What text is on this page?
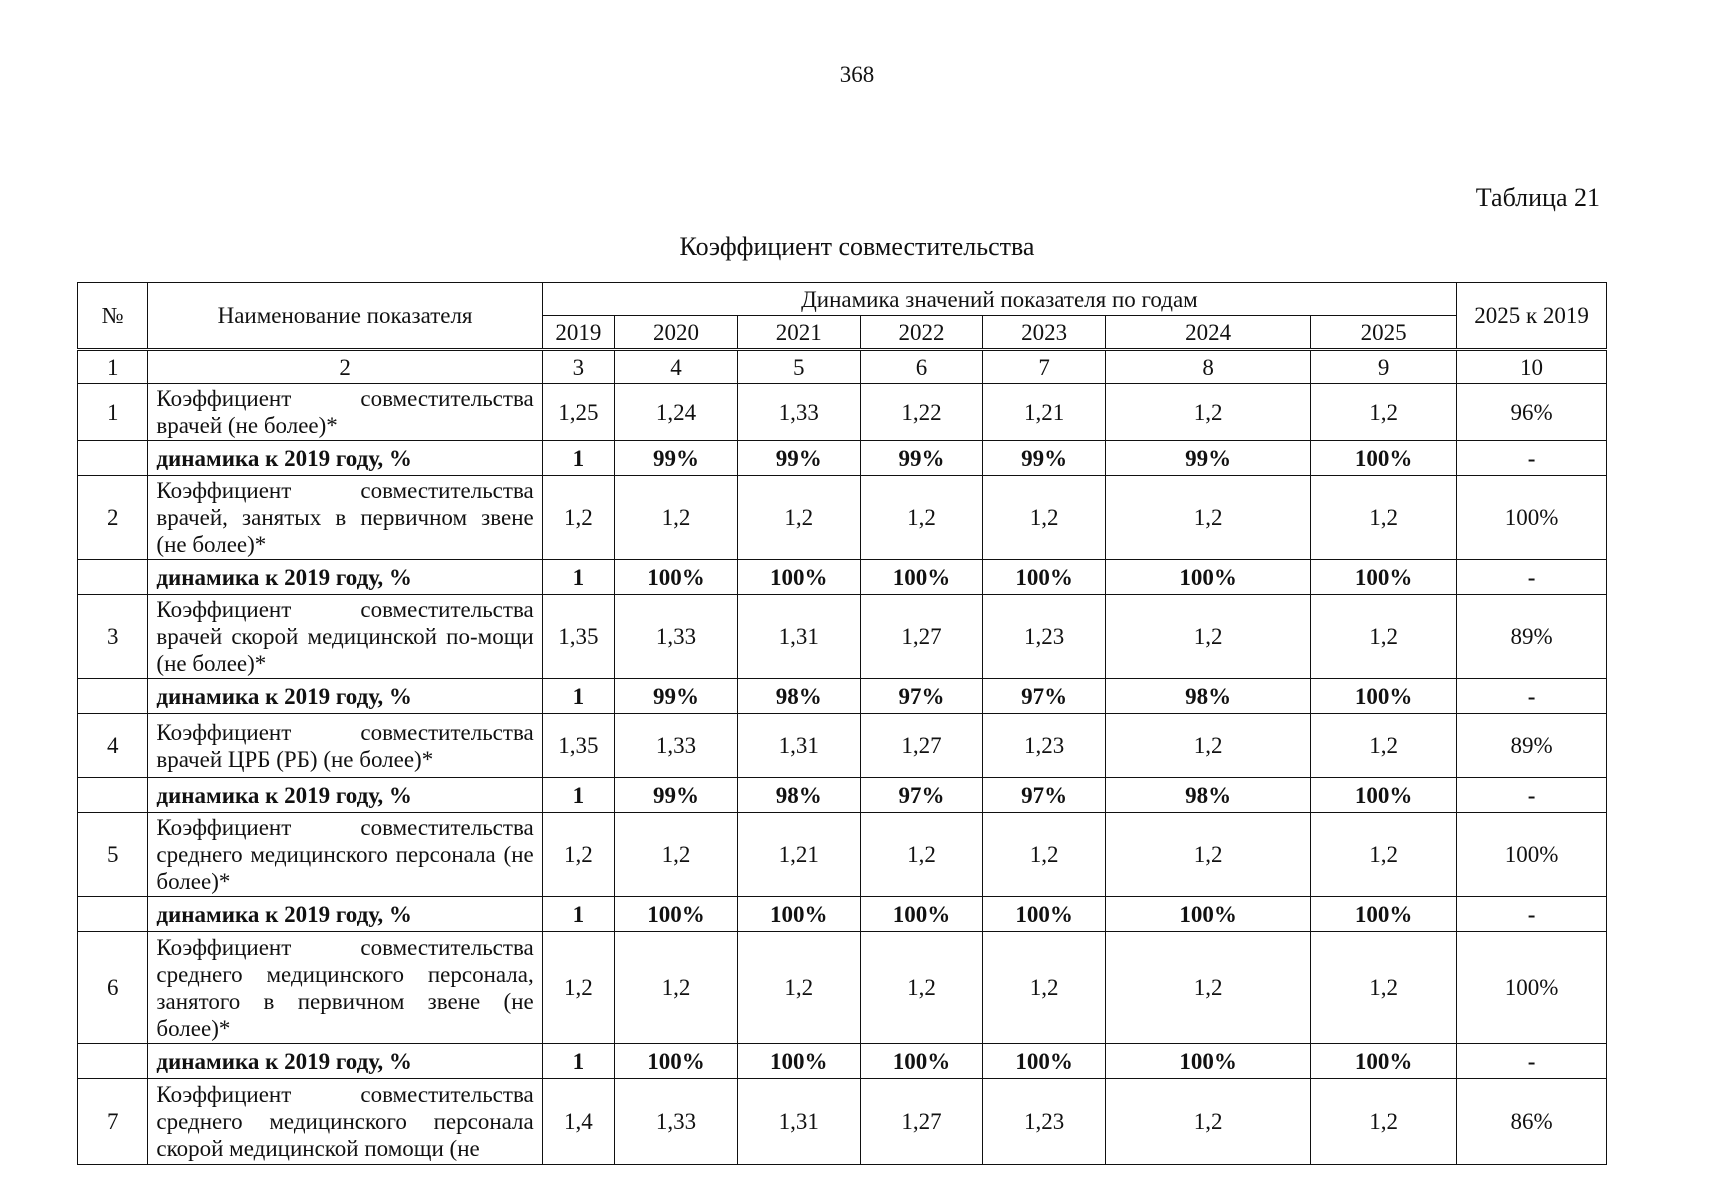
368
Таблица 21
Коэффициент совместительства
№	Наименование показателя	Динамика значений показателя по годам							2025 к 2019
		2019	2020	2021	2022	2023	2024	2025	
1	2	3	4	5	6	7	8	9	10
1	Коэффициент совместительства врачей (не более)*	1,25	1,24	1,33	1,22	1,21	1,2	1,2	96%
	динамика к 2019 году, %	1	99%	99%	99%	99%	99%	100%	-
2	Коэффициент совместительства врачей, занятых в первичном звене (не более)*	1,2	1,2	1,2	1,2	1,2	1,2	1,2	100%
	динамика к 2019 году, %	1	100%	100%	100%	100%	100%	100%	-
3	Коэффициент совместительства врачей скорой медицинской по-мощи (не более)*	1,35	1,33	1,31	1,27	1,23	1,2	1,2	89%
	динамика к 2019 году, %	1	99%	98%	97%	97%	98%	100%	-
4	Коэффициент совместительства врачей ЦРБ (РБ) (не более)*	1,35	1,33	1,31	1,27	1,23	1,2	1,2	89%
	динамика к 2019 году, %	1	99%	98%	97%	97%	98%	100%	-
5	Коэффициент совместительства среднего медицинского персонала (не более)*	1,2	1,2	1,21	1,2	1,2	1,2	1,2	100%
	динамика к 2019 году, %	1	100%	100%	100%	100%	100%	100%	-
6	Коэффициент совместительства среднего медицинского персонала, занятого в первичном звене (не более)*	1,2	1,2	1,2	1,2	1,2	1,2	1,2	100%
	динамика к 2019 году, %	1	100%	100%	100%	100%	100%	100%	-
7	Коэффициент совместительства среднего медицинского персонала скорой медицинской помощи (не	1,4	1,33	1,31	1,27	1,23	1,2	1,2	86%
